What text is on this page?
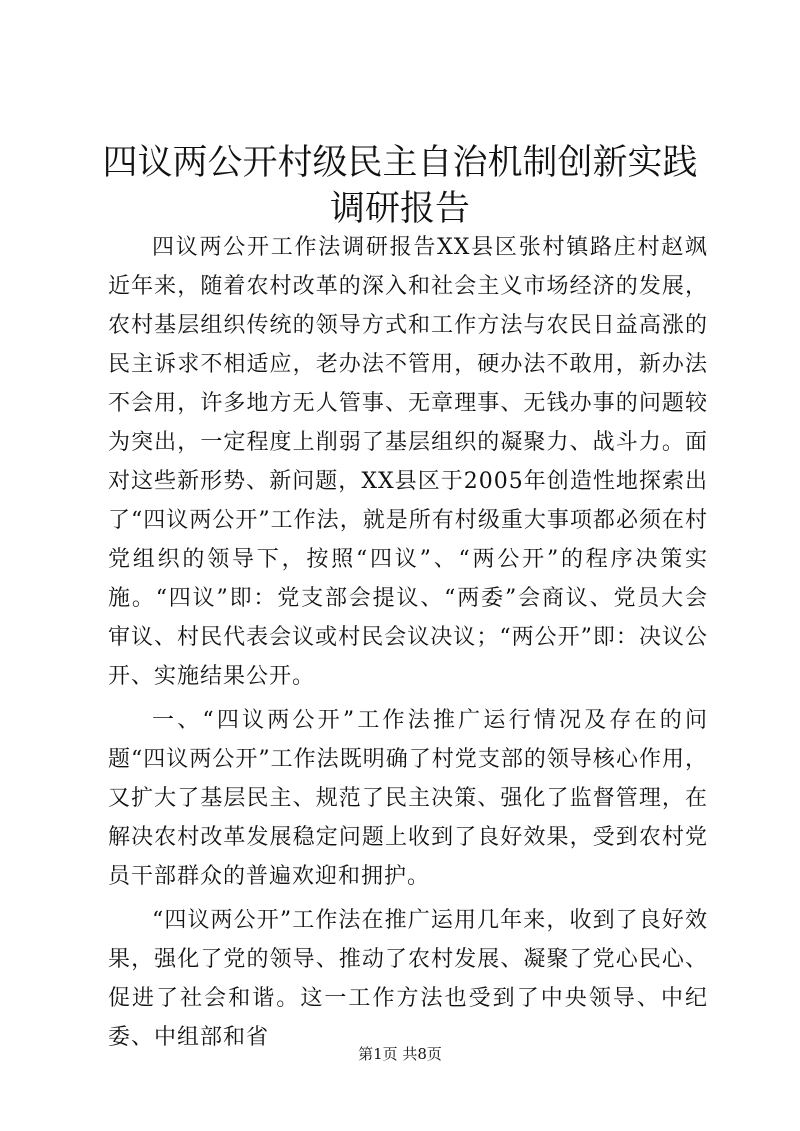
四议两公开村级民主自治机制创新实践调研报告

四议两公开工作法调研报告XX县区张村镇路庄村赵飒近年来，随着农村改革的深入和社会主义市场经济的发展，农村基层组织传统的领导方式和工作方法与农民日益高涨的民主诉求不相适应，老办法不管用，硬办法不敢用，新办法不会用，许多地方无人管事、无章理事、无钱办事的问题较为突出，一定程度上削弱了基层组织的凝聚力、战斗力。面对这些新形势、新问题，XX县区于2005年创造性地探索出了“四议两公开”工作法，就是所有村级重大事项都必须在村党组织的领导下，按照“四议”、“两公开”的程序决策实施。“四议”即：党支部会提议、“两委”会商议、党员大会审议、村民代表会议或村民会议决议；“两公开”即：决议公开、实施结果公开。

一、“四议两公开”工作法推广运行情况及存在的问题“四议两公开”工作法既明确了村党支部的领导核心作用，又扩大了基层民主、规范了民主决策、强化了监督管理，在解决农村改革发展稳定问题上收到了良好效果，受到农村党员干部群众的普遍欢迎和拥护。

“四议两公开”工作法在推广运用几年来，收到了良好效果，强化了党的领导、推动了农村发展、凝聚了党心民心、促进了社会和谐。这一工作方法也受到了中央领导、中纪委、中组部和省

第1页 共8页
